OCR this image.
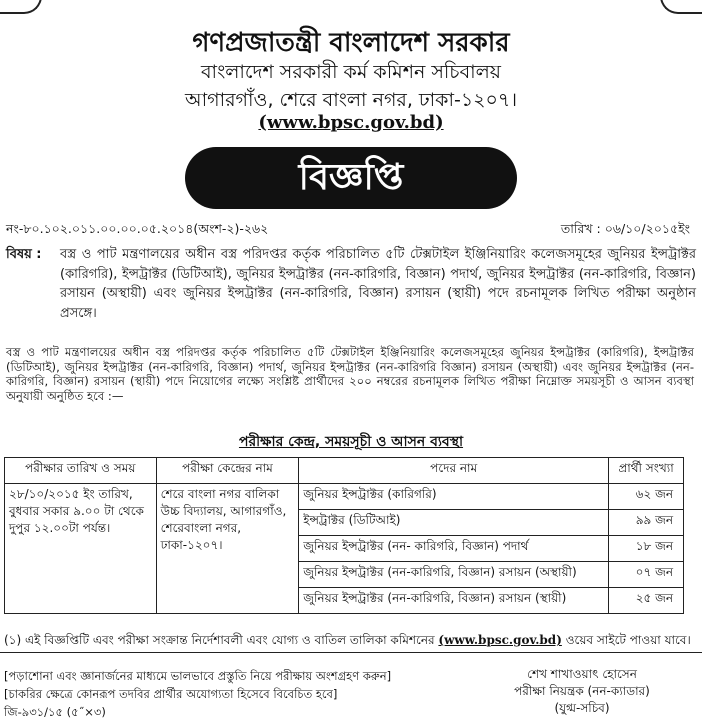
গণপ্রজাতন্ত্রী বাংলাদেশ সরকার
বাংলাদেশ সরকারী কর্ম কমিশন সচিবালয়
আগারগাঁও, শেরে বাংলা নগর, ঢাকা-১২০৭।
(www.bpsc.gov.bd)
বিজ্ঞপ্তি
নং-৮০.১০২.০১১.০০.০০.০৫.২০১৪(অংশ-২)-২৬২	তারিখ : ০৬/১০/২০১৫ইং
বিষয় : বস্ত্র ও পাট মন্ত্রণালয়ের অধীন বস্ত্র পরিদপ্তর কর্তৃক পরিচালিত ৫টি টেক্সটাইল ইঞ্জিনিয়ারিং কলেজসমূহের জুনিয়র ইন্সট্রাক্টর (কারিগরি), ইন্সট্রাক্টর (ডিটিআই), জুনিয়র ইন্সট্রাক্টর (নন-কারিগরি, বিজ্ঞান) পদার্থ, জুনিয়র ইন্সট্রাক্টর (নন-কারিগরি, বিজ্ঞান) রসায়ন (অস্থায়ী) এবং জুনিয়র ইন্সট্রাক্টর (নন-কারিগরি, বিজ্ঞান) রসায়ন (স্থায়ী) পদে রচনামূলক লিখিত পরীক্ষা অনুষ্ঠান প্রসঙ্গে।
বস্ত্র ও পাট মন্ত্রণালয়ের অধীন বস্ত্র পরিদপ্তর কর্তৃক পরিচালিত ৫টি টেক্সটাইল ইঞ্জিনিয়ারিং কলেজসমূহের জুনিয়র ইন্সট্রাক্টর (কারিগরি), ইন্সট্রাক্টর (ডিটিআই), জুনিয়র ইন্সট্রাক্টর (নন-কারিগরি, বিজ্ঞান) পদার্থ, জুনিয়র ইন্সট্রাক্টর (নন-কারিগরি বিজ্ঞান) রসায়ন (অস্থায়ী) এবং জুনিয়র ইন্সট্রাক্টর (নন-কারিগরি, বিজ্ঞান) রসায়ন (স্থায়ী) পদে নিয়োগের লক্ষ্যে সংশ্লিষ্ট প্রার্থীদের ২০০ নম্বরের রচনামূলক লিখিত পরীক্ষা নিম্নোক্ত সময়সূচী ও আসন ব্যবস্থা অনুযায়ী অনুষ্ঠিত হবে :—
পরীক্ষার কেন্দ্র, সময়সূচী ও আসন ব্যবস্থা
পরীক্ষার তারিখ ও সময়	পরীক্ষা কেন্দ্রের নাম	পদের নাম	প্রার্থী সংখ্যা
২৮/১০/২০১৫ ইং তারিখ, বুধবার সকার ৯.০০ টা থেকে দুপুর ১২.০০টা পর্যন্ত।	শেরে বাংলা নগর বালিকা উচ্চ বিদ্যালয়, আগারগাঁও, শেরেবাংলা নগর, ঢাকা-১২০৭।	জুনিয়র ইন্সট্রাক্টর (কারিগরি)	৬২ জন
		ইন্সট্রাক্টর (ডিটিআই)	৯৯ জন
		জুনিয়র ইন্সট্রাক্টর (নন- কারিগরি, বিজ্ঞান) পদার্থ	১৮ জন
		জুনিয়র ইন্সট্রাক্টর (নন-কারিগরি, বিজ্ঞান) রসায়ন (অস্থায়ী)	০৭ জন
		জুনিয়র ইন্সট্রাক্টর (নন-কারিগরি, বিজ্ঞান) রসায়ন (স্থায়ী)	২৫ জন
(১) এই বিজ্ঞপ্তিটি এবং পরীক্ষা সংক্রান্ত নির্দেশাবলী এবং যোগ্য ও বাতিল তালিকা কমিশনের (www.bpsc.gov.bd) ওয়েব সাইটে পাওয়া যাবে।
[পড়াশোনা এবং জ্ঞানার্জনের মাধ্যমে ভালভাবে প্রস্তুতি নিয়ে পরীক্ষায় অংশগ্রহণ করুন]
[চাকরির ক্ষেত্রে কোনরূপ তদবির প্রার্থীর অযোগ্যতা হিসেবে বিবেচিত হবে]
জি-৯৩১/১৫ (৫˝×৩)
শেখ শাখাওয়াৎ হোসেন
পরীক্ষা নিয়ন্ত্রক (নন-ক্যাডার)
(যুগ্ম-সচিব)
